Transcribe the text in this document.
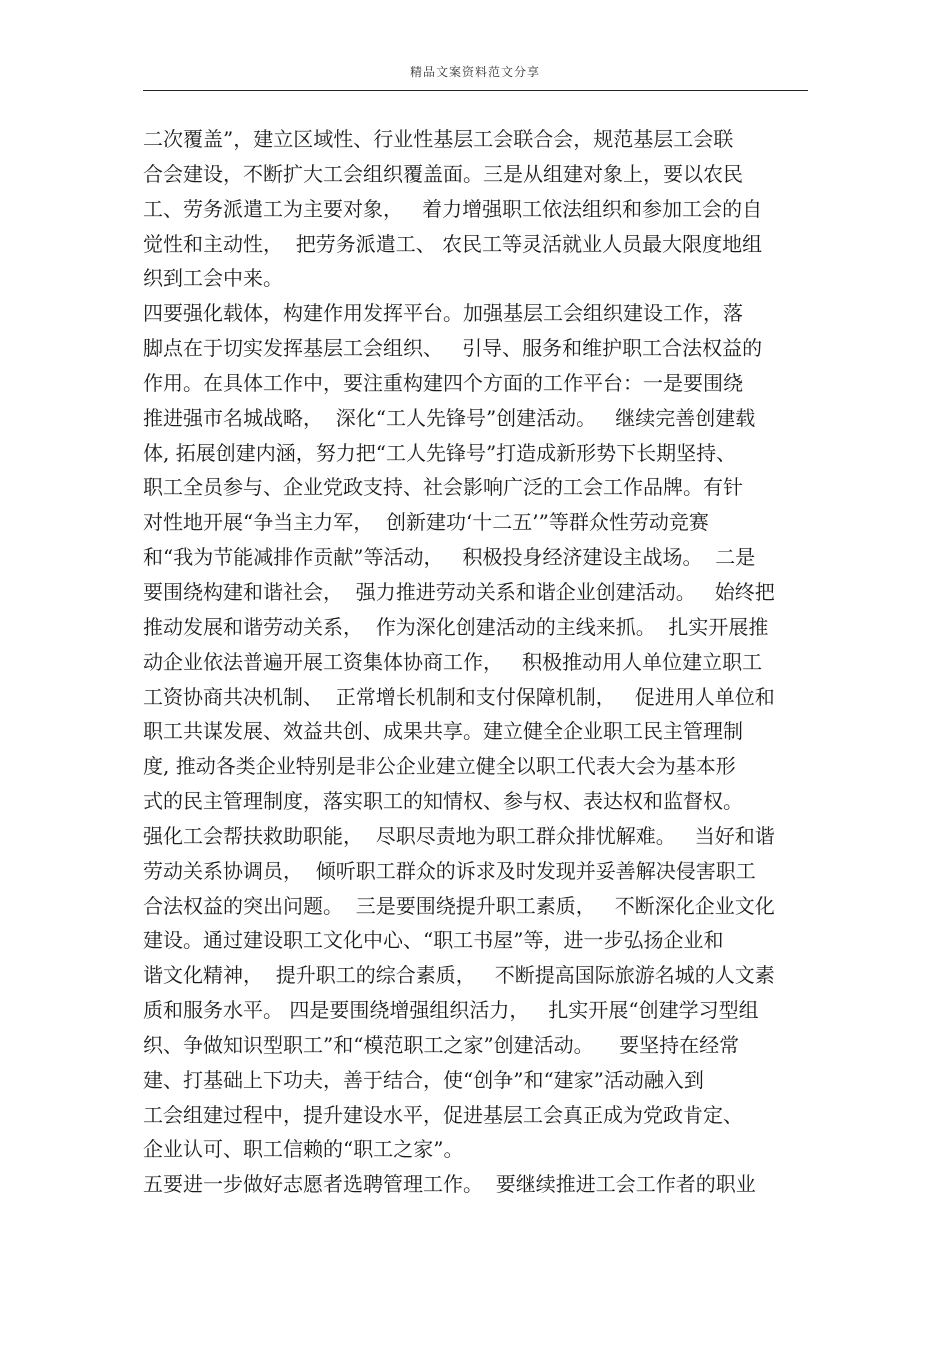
精品文案资料范文分享
二次覆盖”，建立区域性、行业性基层工会联合会，规范基层工会联
合会建设，不断扩大工会组织覆盖面。三是从组建对象上，要以农民
工、劳务派遣工为主要对象，   着力增强职工依法组织和参加工会的自
觉性和主动性，  把劳务派遣工、 农民工等灵活就业人员最大限度地组
织到工会中来。
四要强化载体，构建作用发挥平台。加强基层工会组织建设工作，落
脚点在于切实发挥基层工会组织、   引导、服务和维护职工合法权益的
作用。在具体工作中，要注重构建四个方面的工作平台：一是要围绕
推进强市名城战略，  深化“工人先锋号”创建活动。   继续完善创建载
体, 拓展创建内涵，努力把“工人先锋号”打造成新形势下长期坚持、
职工全员参与、企业党政支持、社会影响广泛的工会工作品牌。有针
对性地开展“争当主力军，  创新建功‘十二五’”等群众性劳动竞赛
和“我为节能减排作贡献”等活动，   积极投身经济建设主战场。  二是
要围绕构建和谐社会，  强力推进劳动关系和谐企业创建活动。   始终把
推动发展和谐劳动关系，  作为深化创建活动的主线来抓。  扎实开展推
动企业依法普遍开展工资集体协商工作，   积极推动用人单位建立职工
工资协商共决机制、  正常增长机制和支付保障机制，   促进用人单位和
职工共谋发展、效益共创、成果共享。建立健全企业职工民主管理制
度, 推动各类企业特别是非公企业建立健全以职工代表大会为基本形
式的民主管理制度，落实职工的知情权、参与权、表达权和监督权。
强化工会帮扶救助职能，  尽职尽责地为职工群众排忧解难。   当好和谐
劳动关系协调员，  倾听职工群众的诉求及时发现并妥善解决侵害职工
合法权益的突出问题。  三是要围绕提升职工素质，   不断深化企业文化
建设。通过建设职工文化中心、“职工书屋”等，进一步弘扬企业和
谐文化精神，  提升职工的综合素质，   不断提高国际旅游名城的人文素
质和服务水平。 四是要围绕增强组织活力，   扎实开展“创建学习型组
织、争做知识型职工”和“模范职工之家”创建活动。    要坚持在经常
建、打基础上下功夫，善于结合，使“创争”和“建家”活动融入到
工会组建过程中，提升建设水平，促进基层工会真正成为党政肯定、
企业认可、职工信赖的“职工之家”。
五要进一步做好志愿者选聘管理工作。  要继续推进工会工作者的职业
